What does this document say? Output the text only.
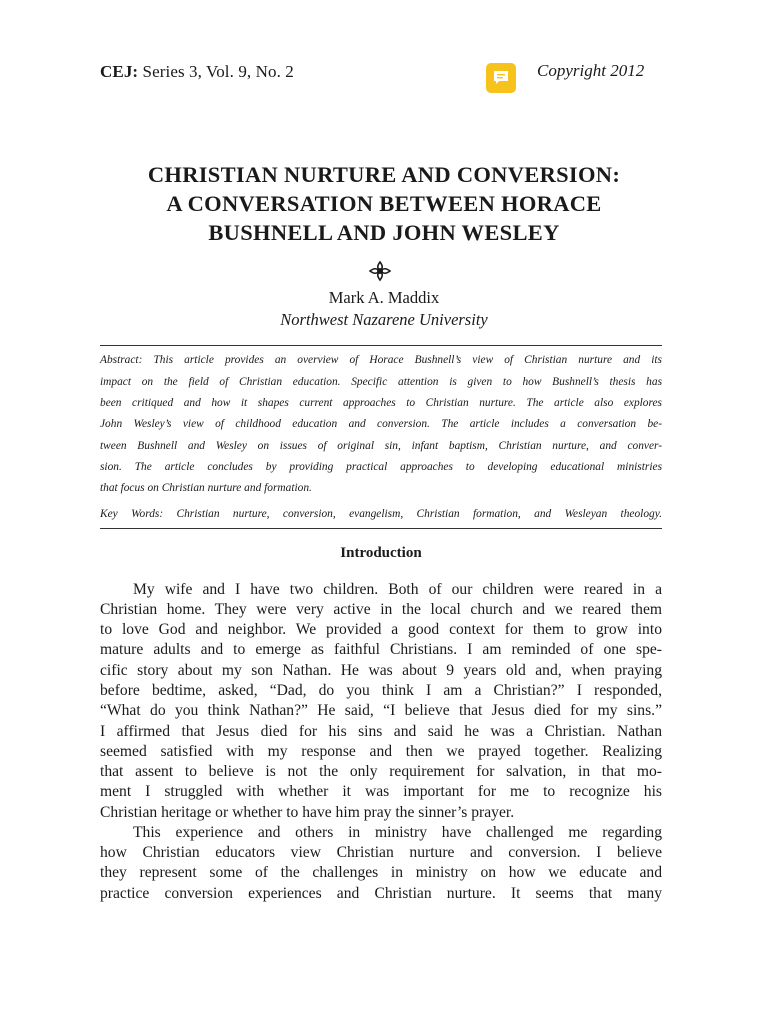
CEJ: Series 3, Vol. 9, No. 2	Copyright 2012
CHRISTIAN NURTURE AND CONVERSION:
A CONVERSATION BETWEEN HORACE
BUSHNELL AND JOHN WESLEY
Mark A. Maddix
Northwest Nazarene University
Abstract: This article provides an overview of Horace Bushnell’s view of Christian nurture and its
impact on the field of Christian education. Specific attention is given to how Bushnell’s thesis has
been critiqued and how it shapes current approaches to Christian nurture. The article also explores
John Wesley’s view of childhood education and conversion. The article includes a conversation be-
tween Bushnell and Wesley on issues of original sin, infant baptism, Christian nurture, and conver-
sion. The article concludes by providing practical approaches to developing educational ministries
that focus on Christian nurture and formation.
Key Words: Christian nurture, conversion, evangelism, Christian formation, and Wesleyan theology.
Introduction
My wife and I have two children. Both of our children were reared in a
Christian home. They were very active in the local church and we reared them
to love God and neighbor. We provided a good context for them to grow into
mature adults and to emerge as faithful Christians. I am reminded of one spe-
cific story about my son Nathan. He was about 9 years old and, when praying
before bedtime, asked, “Dad, do you think I am a Christian?” I responded,
“What do you think Nathan?” He said, “I believe that Jesus died for my sins.”
I affirmed that Jesus died for his sins and said he was a Christian. Nathan
seemed satisfied with my response and then we prayed together. Realizing
that assent to believe is not the only requirement for salvation, in that mo-
ment I struggled with whether it was important for me to recognize his
Christian heritage or whether to have him pray the sinner’s prayer.
This experience and others in ministry have challenged me regarding
how Christian educators view Christian nurture and conversion. I believe
they represent some of the challenges in ministry on how we educate and
practice conversion experiences and Christian nurture. It seems that many
